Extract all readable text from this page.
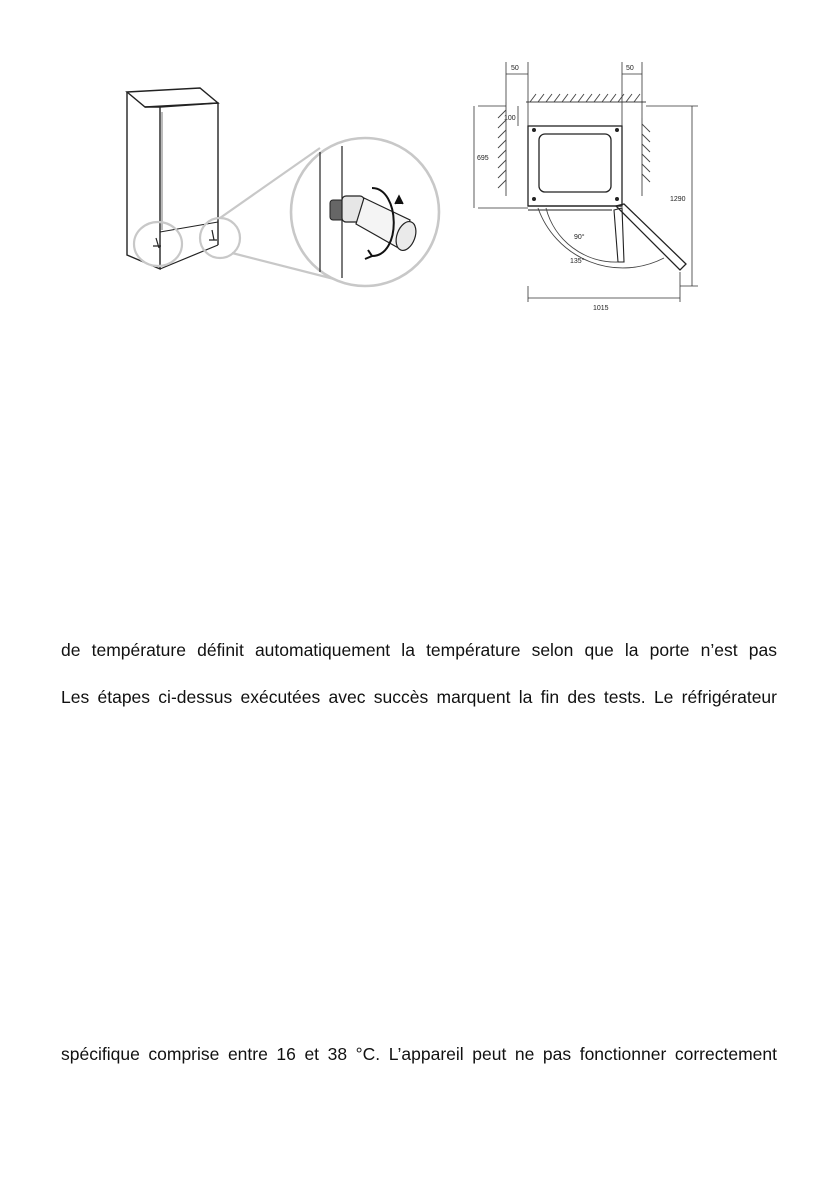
90°
135°
50	50
100
695
1290
1015
de température définit automatiquement la température selon que la porte n’est pas
Les étapes ci-dessus exécutées avec succès marquent la fin des tests. Le réfrigérateur
spécifique comprise entre 16 et 38 °C. L’appareil peut ne pas fonctionner correctement
